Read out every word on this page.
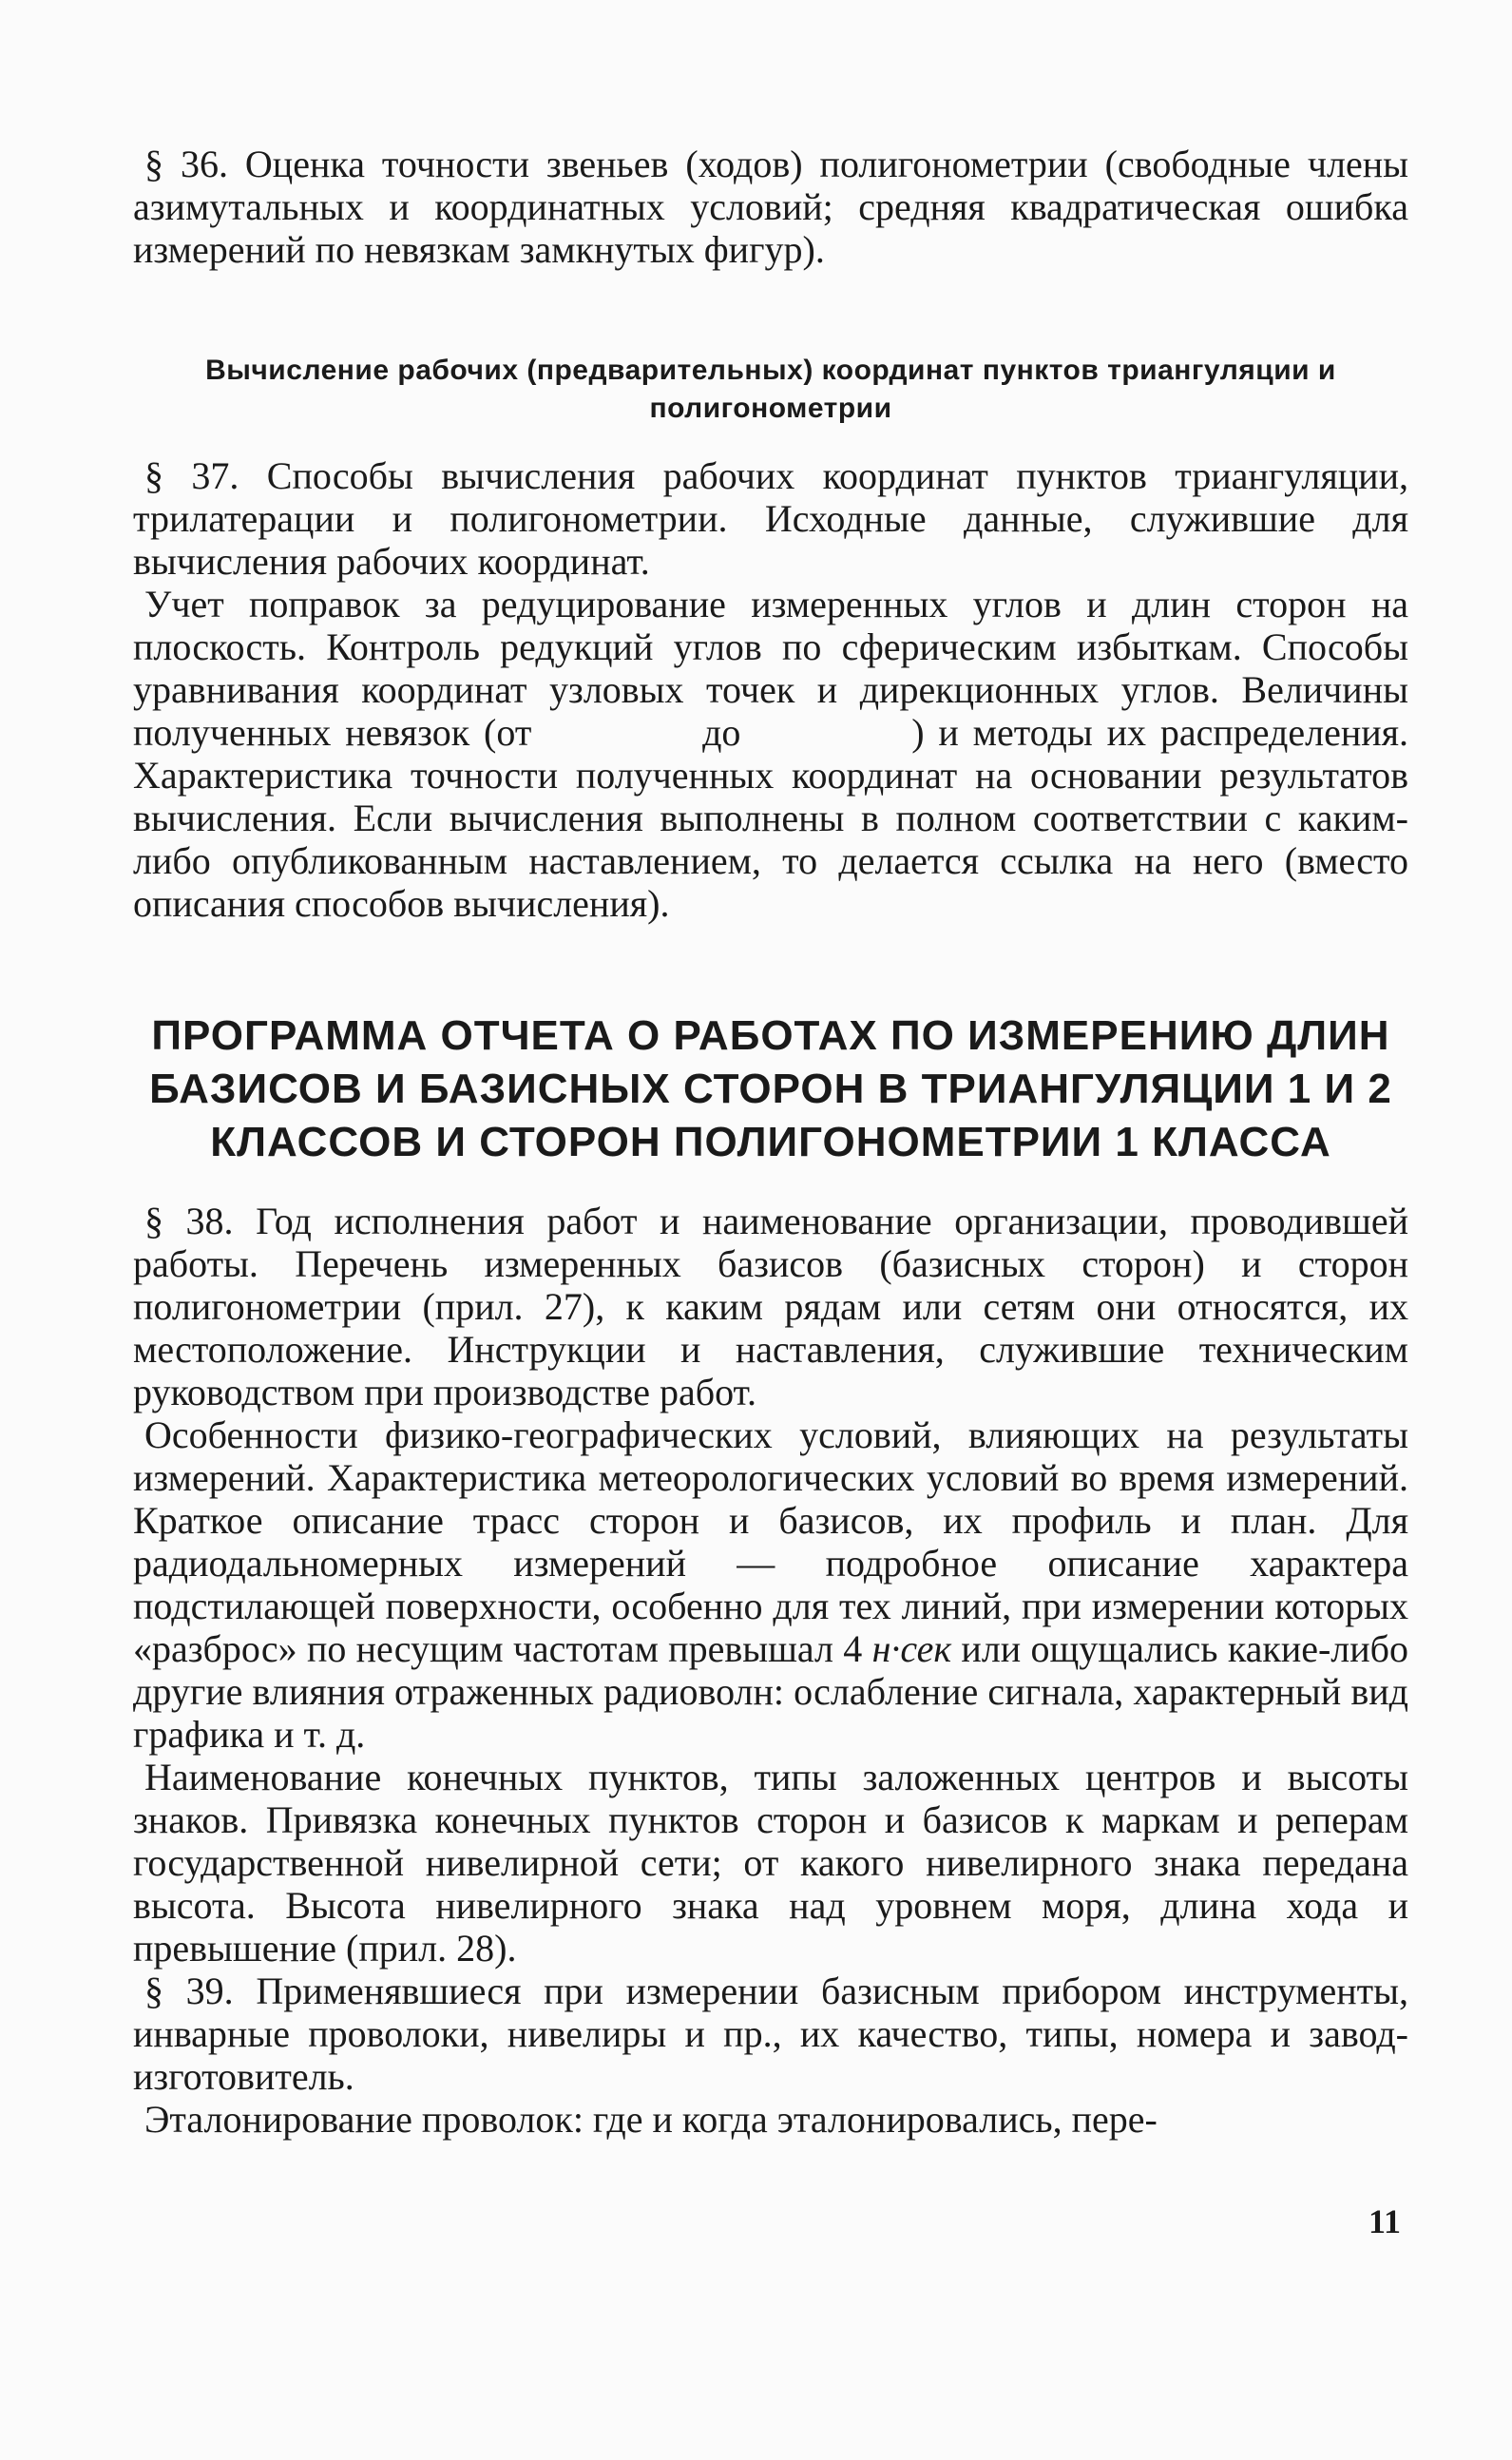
§ 36. Оценка точности звеньев (ходов) полигонометрии (свободные члены азимутальных и координатных условий; средняя квадратическая ошибка измерений по невязкам замкнутых фигур).

Вычисление рабочих (предварительных) координат пунктов триангуляции и полигонометрии

§ 37. Способы вычисления рабочих координат пунктов триангуляции, трилатерации и полигонометрии. Исходные данные, служившие для вычисления рабочих координат.

Учет поправок за редуцирование измеренных углов и длин сторон на плоскость. Контроль редукций углов по сферическим избыткам. Способы уравнивания координат узловых точек и дирекционных углов. Величины полученных невязок (от	до	) и методы их распределения. Характеристика точности полученных координат на основании результатов вычисления. Если вычисления выполнены в полном соответствии с каким-либо опубликованным наставлением, то делается ссылка на него (вместо описания способов вычисления).

ПРОГРАММА ОТЧЕТА О РАБОТАХ ПО ИЗМЕРЕНИЮ ДЛИН БАЗИСОВ И БАЗИСНЫХ СТОРОН В ТРИАНГУЛЯЦИИ 1 И 2 КЛАССОВ И СТОРОН ПОЛИГОНОМЕТРИИ 1 КЛАССА

§ 38. Год исполнения работ и наименование организации, проводившей работы. Перечень измеренных базисов (базисных сторон) и сторон полигонометрии (прил. 27), к каким рядам или сетям они относятся, их местоположение. Инструкции и наставления, служившие техническим руководством при производстве работ.

Особенности физико-географических условий, влияющих на результаты измерений. Характеристика метеорологических условий во время измерений. Краткое описание трасс сторон и базисов, их профиль и план. Для радиодальномерных измерений — подробное описание характера подстилающей поверхности, особенно для тех линий, при измерении которых «разброс» по несущим частотам превышал 4 н·сек или ощущались какие-либо другие влияния отраженных радиоволн: ослабление сигнала, характерный вид графика и т. д.

Наименование конечных пунктов, типы заложенных центров и высоты знаков. Привязка конечных пунктов сторон и базисов к маркам и реперам государственной нивелирной сети; от какого нивелирного знака передана высота. Высота нивелирного знака над уровнем моря, длина хода и превышение (прил. 28).

§ 39. Применявшиеся при измерении базисным прибором инструменты, инварные проволоки, нивелиры и пр., их качество, типы, номера и завод-изготовитель.

Эталонирование проволок: где и когда эталонировались, пере-

11
